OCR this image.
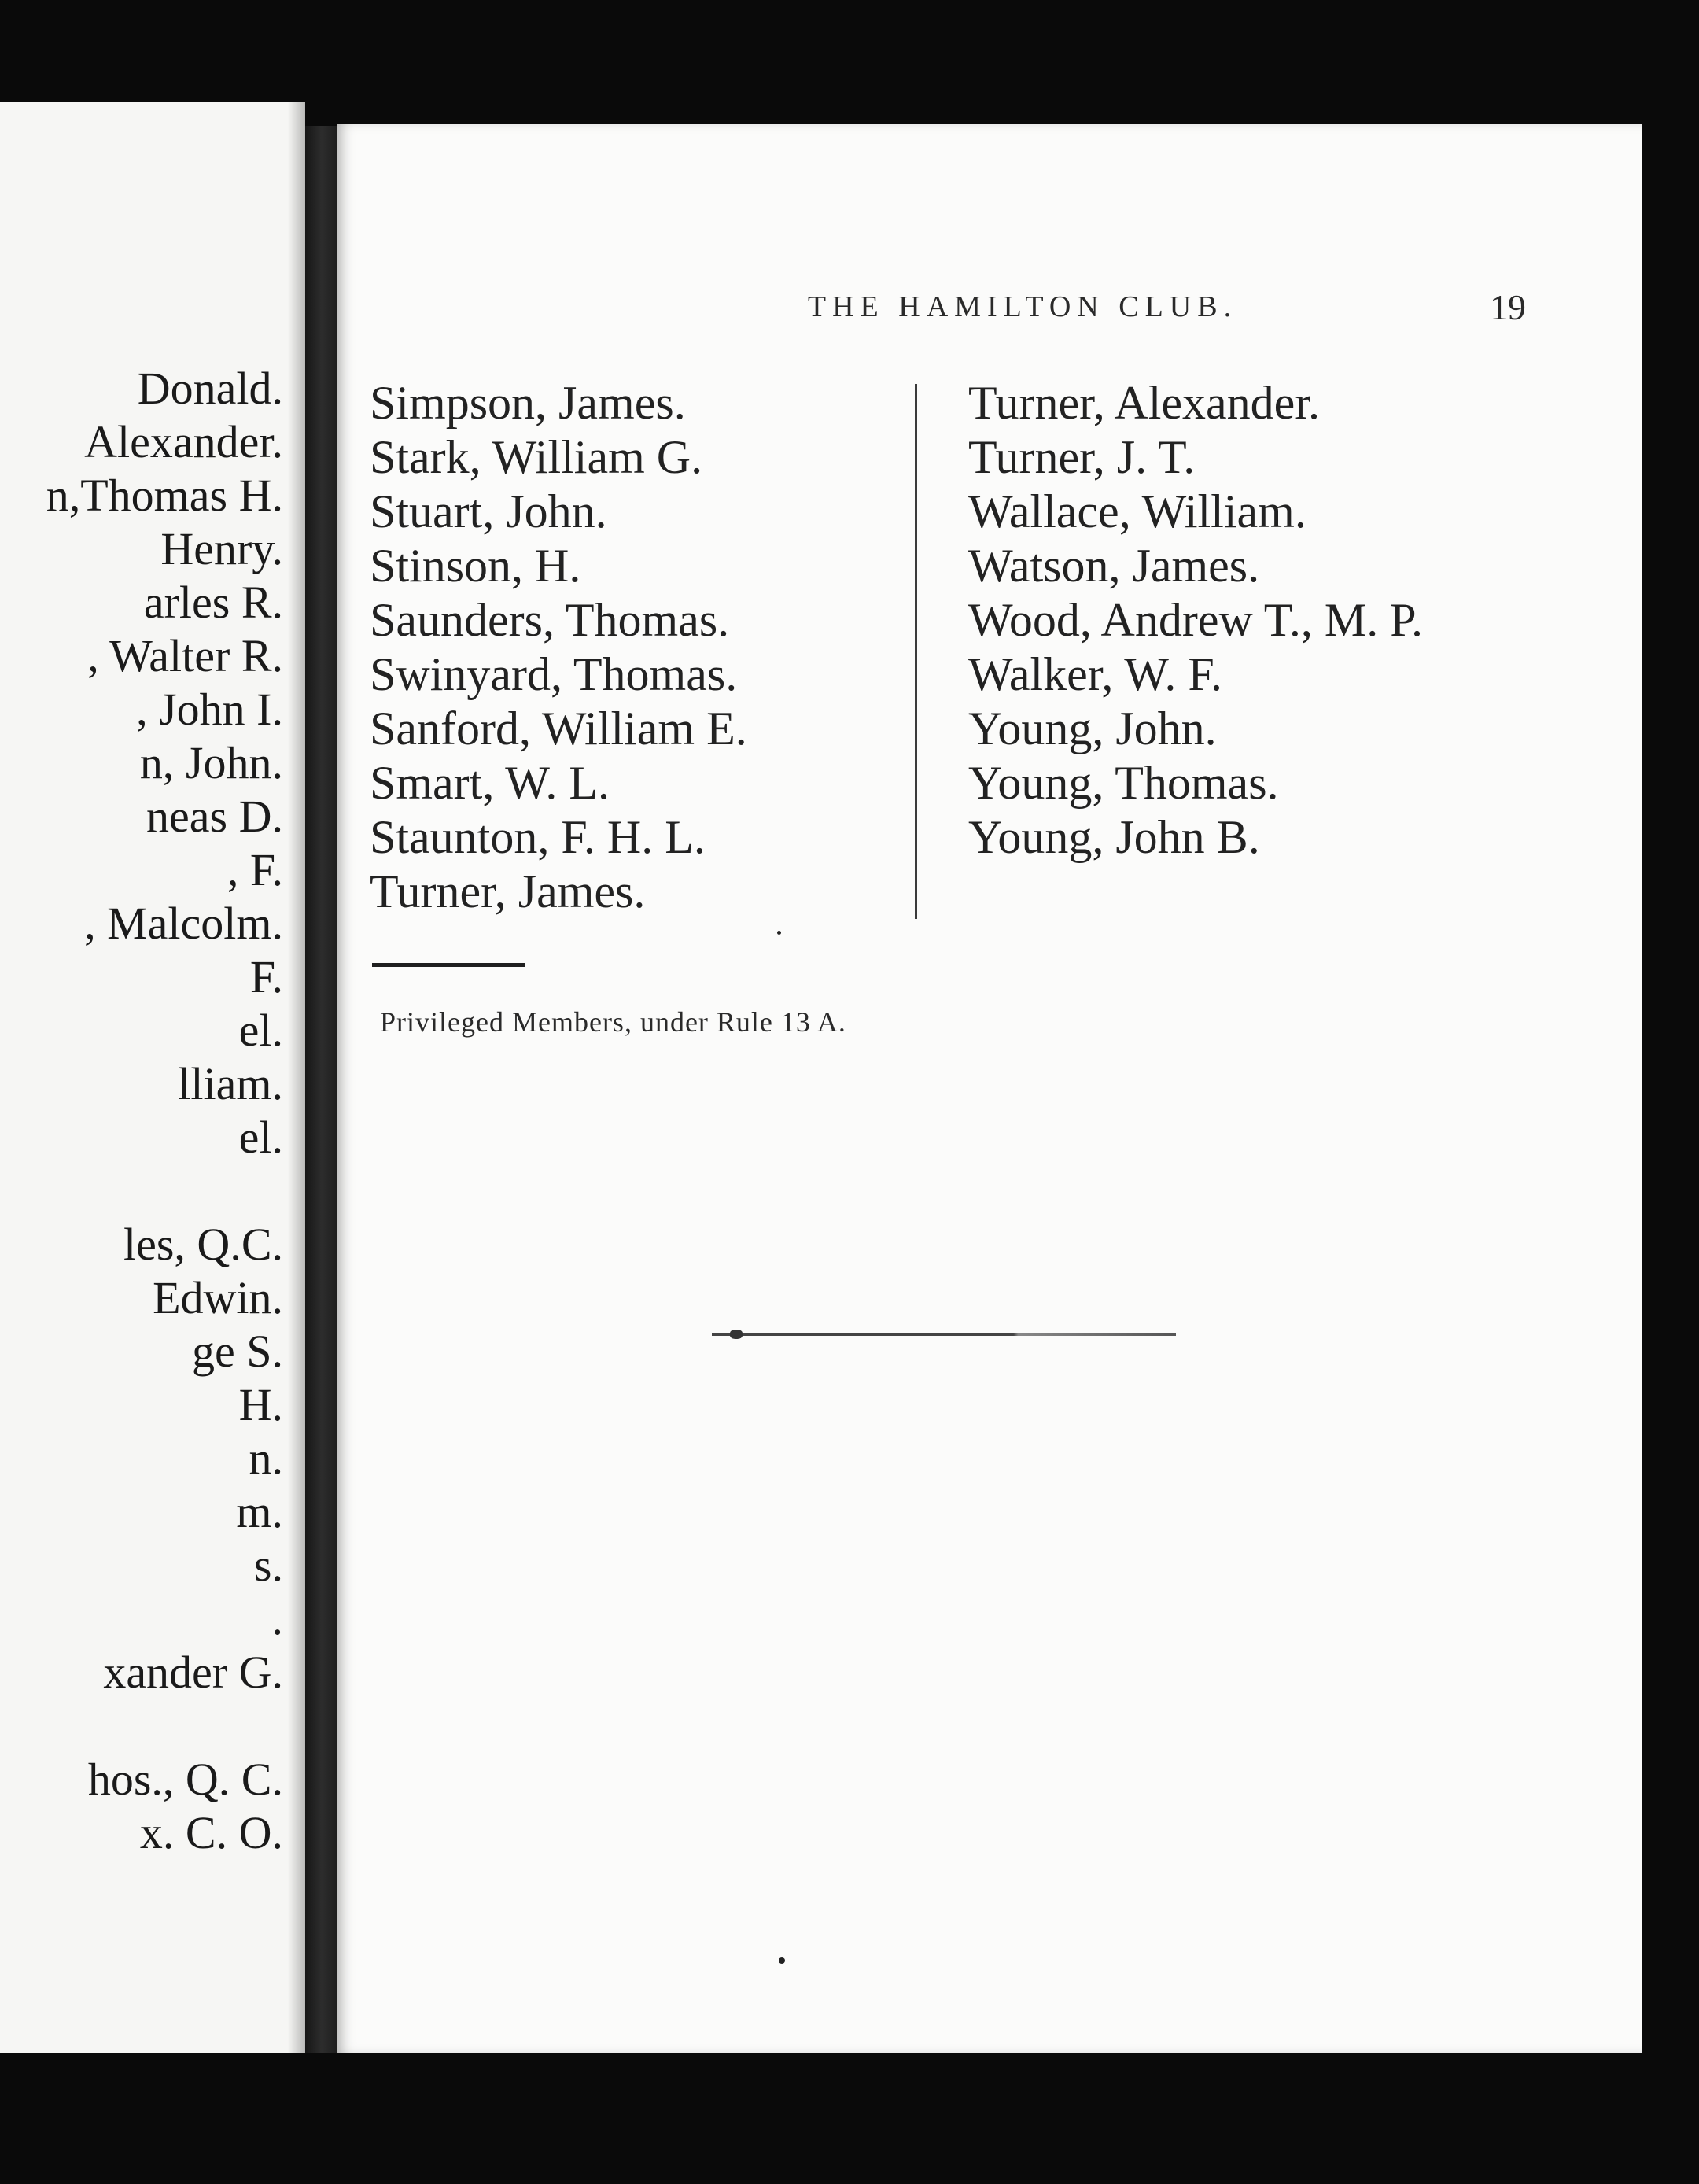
Donald.
Alexander.
n,Thomas H.
Henry.
arles R.
, Walter R.
, John I.
n, John.
neas D.
, F.
, Malcolm.
F.
el.
lliam.
el.
les, Q.C.
Edwin.
ge S.
H.
n.
m.
s.
.
xander G.
hos., Q. C.
x. C. O.
THE HAMILTON CLUB.	19
Simpson, James.
Stark, William G.
Stuart, John.
Stinson, H.
Saunders, Thomas.
Swinyard, Thomas.
Sanford, William E.
Smart, W. L.
Staunton, F. H. L.
Turner, James.
Turner, Alexander.
Turner, J. T.
Wallace, William.
Watson, James.
Wood, Andrew T., M. P.
Walker, W. F.
Young, John.
Young, Thomas.
Young, John B.
Privileged Members, under Rule 13 A.
